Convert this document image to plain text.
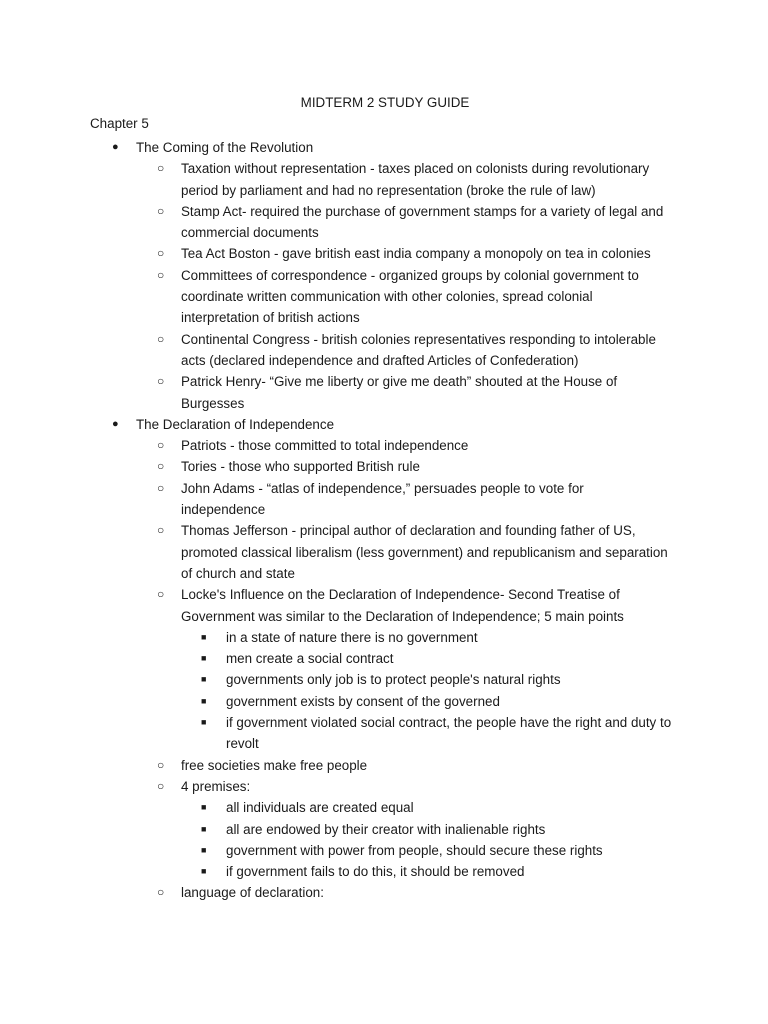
MIDTERM 2 STUDY GUIDE
Chapter 5
● The Coming of the Revolution
○ Taxation without representation - taxes placed on colonists during revolutionary period by parliament and had no representation (broke the rule of law)
○ Stamp Act- required the purchase of government stamps for a variety of legal and commercial documents
○ Tea Act Boston - gave british east india company a monopoly on tea in colonies
○ Committees of correspondence - organized groups by colonial government to coordinate written communication with other colonies, spread colonial interpretation of british actions
○ Continental Congress - british colonies representatives responding to intolerable acts (declared independence and drafted Articles of Confederation)
○ Patrick Henry- “Give me liberty or give me death” shouted at the House of Burgesses
● The Declaration of Independence
○ Patriots - those committed to total independence
○ Tories - those who supported British rule
○ John Adams - “atlas of independence,” persuades people to vote for independence
○ Thomas Jefferson - principal author of declaration and founding father of US, promoted classical liberalism (less government) and republicanism and separation of church and state
○ Locke's Influence on the Declaration of Independence- Second Treatise of Government was similar to the Declaration of Independence; 5 main points
■ in a state of nature there is no government
■ men create a social contract
■ governments only job is to protect people's natural rights
■ government exists by consent of the governed
■ if government violated social contract, the people have the right and duty to revolt
○ free societies make free people
○ 4 premises:
■ all individuals are created equal
■ all are endowed by their creator with inalienable rights
■ government with power from people, should secure these rights
■ if government fails to do this, it should be removed
○ language of declaration:
